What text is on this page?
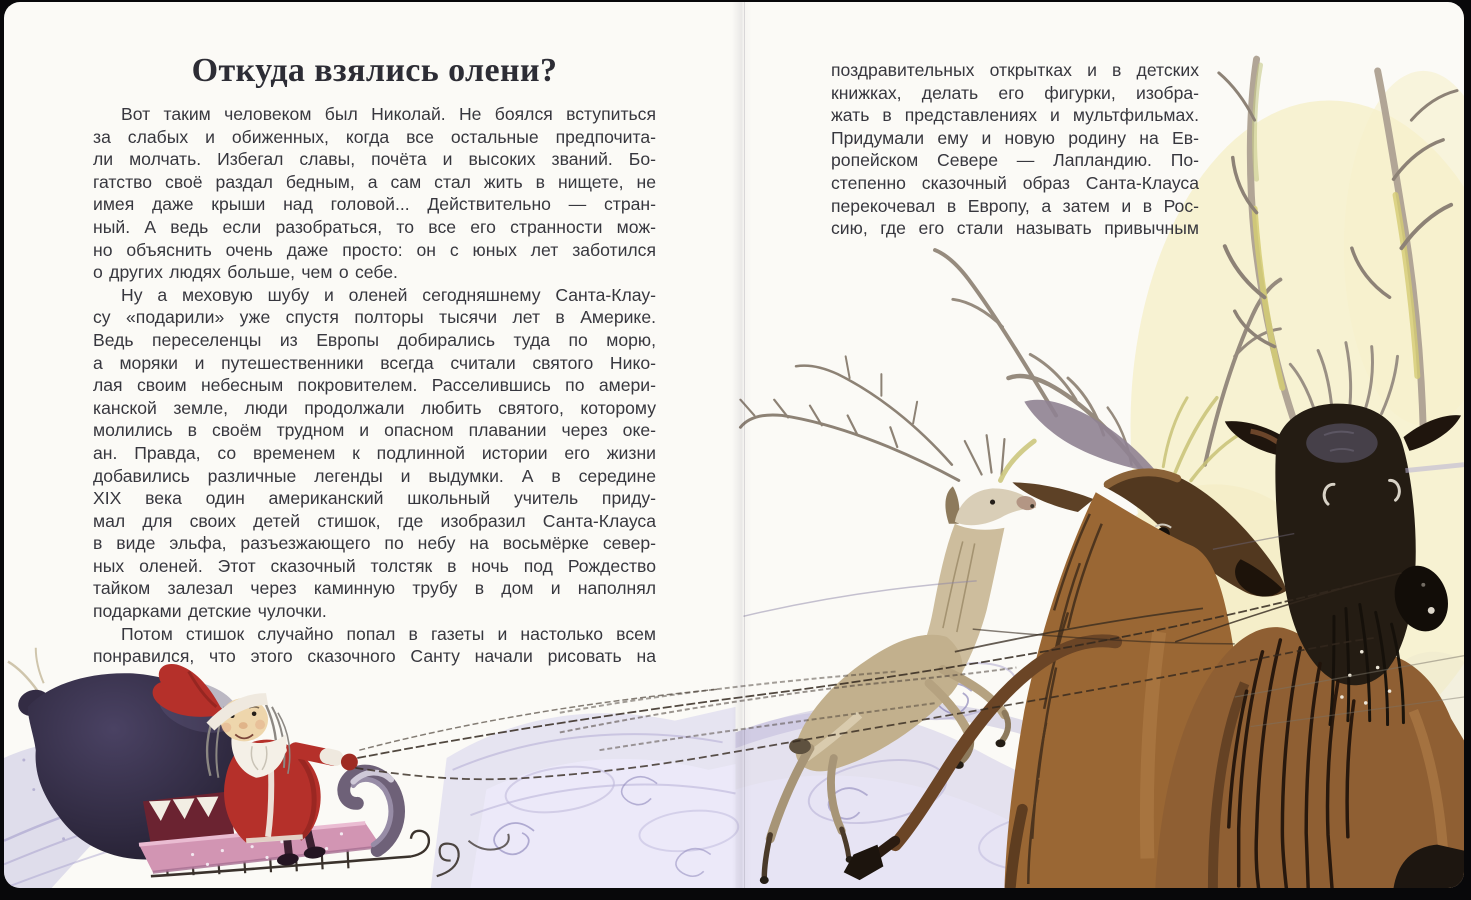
Откуда взялись олени?
Вот таким человеком был Николай. Не боялся вступиться
за слабых и обиженных, когда все остальные предпочита-
ли молчать. Избегал славы, почёта и высоких званий. Бо-
гатство своё раздал бедным, а сам стал жить в нищете, не
имея даже крыши над головой... Действительно — стран-
ный. А ведь если разобраться, то все его странности мож-
но объяснить очень даже просто: он с юных лет заботился
о других людях больше, чем о себе.
Ну а меховую шубу и оленей сегодняшнему Санта-Клау-
су «подарили» уже спустя полторы тысячи лет в Америке.
Ведь переселенцы из Европы добирались туда по морю,
а моряки и путешественники всегда считали святого Нико-
лая своим небесным покровителем. Расселившись по амери-
канской земле, люди продолжали любить святого, которому
молились в своём трудном и опасном плавании через оке-
ан. Правда, со временем к подлинной истории его жизни
добавились различные легенды и выдумки. А в середине
XIX века один американский школьный учитель приду-
мал для своих детей стишок, где изобразил Санта-Клауса
в виде эльфа, разъезжающего по небу на восьмёрке север-
ных оленей. Этот сказочный толстяк в ночь под Рождество
тайком залезал через каминную трубу в дом и наполнял
подарками детские чулочки.
Потом стишок случайно попал в газеты и настолько всем
понравился, что этого сказочного Санту начали рисовать на
поздравительных открытках и в детских
книжках, делать его фигурки, изобра-
жать в представлениях и мультфильмах.
Придумали ему и новую родину на Ев-
ропейском Севере — Лапландию. По-
степенно сказочный образ Санта-Клауса
перекочевал в Европу, а затем и в Рос-
сию, где его стали называть привычным
